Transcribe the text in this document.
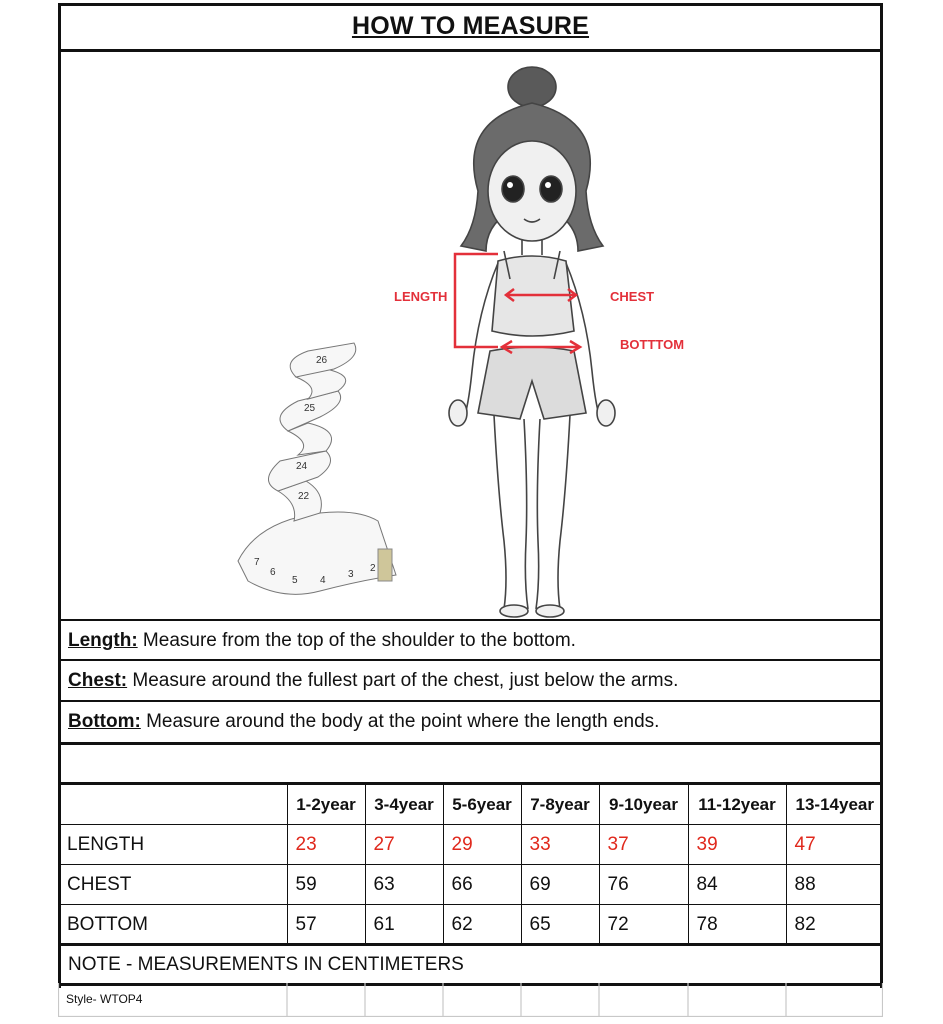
HOW TO MEASURE
2
3
4
5
6
7
22
24
25
26
LENGTH	CHEST
BOTTTOM
Length: Measure from the top of the shoulder to the bottom.
Chest: Measure around the fullest part of the chest, just below the arms.
Bottom: Measure around the body at the point where the length ends.
	1-2year	3-4year	5-6year	7-8year	9-10year	11-12year	13-14year
LENGTH	23	27	29	33	37	39	47
CHEST	59	63	66	69	76	84	88
BOTTOM	57	61	62	65	72	78	82
NOTE - MEASUREMENTS IN CENTIMETERS
Style- WTOP4
